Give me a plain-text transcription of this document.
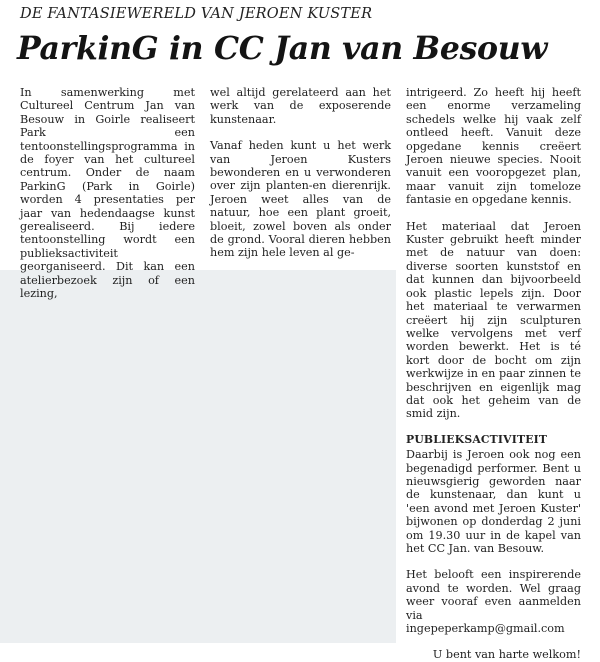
DE FANTASIEWERELD VAN JEROEN KUSTER
ParkinG in CC Jan van Besouw

In samenwerking met Cultureel Centrum Jan van Besouw in Goirle realiseert Park een tentoonstellingsprogramma in de foyer van het cultureel centrum. Onder de naam ParkinG (Park in Goirle) worden 4 presentaties per jaar van hedendaagse kunst gerealiseerd. Bij iedere tentoonstelling wordt een publieksactiviteit georganiseerd. Dit kan een atelierbezoek zijn of een lezing,

wel altijd gerelateerd aan het werk van de exposerende kunstenaar.

Vanaf heden kunt u het werk van Jeroen Kusters bewonderen en u verwonderen over zijn planten-en dierenrijk. Jeroen weet alles van de natuur, hoe een plant groeit, bloeit, zowel boven als onder de grond. Vooral dieren hebben hem zijn hele leven al ge-

intrigeerd. Zo heeft hij heeft een enorme verzameling schedels welke hij vaak zelf ontleed heeft. Vanuit deze opgedane kennis creëert Jeroen nieuwe species. Nooit vanuit een vooropgezet plan, maar vanuit zijn tomeloze fantasie en opgedane kennis.

Het materiaal dat Jeroen Kuster gebruikt heeft minder met de natuur van doen: diverse soorten kunststof en dat kunnen dan bijvoorbeeld ook plastic lepels zijn. Door het materiaal te verwarmen creëert hij zijn sculpturen welke vervolgens met verf worden bewerkt. Het is té kort door de bocht om zijn werkwijze in en paar zinnen te beschrijven en eigenlijk mag dat ook het geheim van de smid zijn.

PUBLIEKSACTIVITEIT

Daarbij is Jeroen ook nog een begenadigd performer. Bent u nieuwsgierig geworden naar de kunstenaar, dan kunt u 'een avond met Jeroen Kuster' bijwonen op donderdag 2 juni om 19.30 uur in de kapel van het CC Jan. van Besouw.

Het belooft een inspirerende avond te worden. Wel graag weer vooraf even aanmelden via ingepeperkamp@gmail.com

U bent van harte welkom!
